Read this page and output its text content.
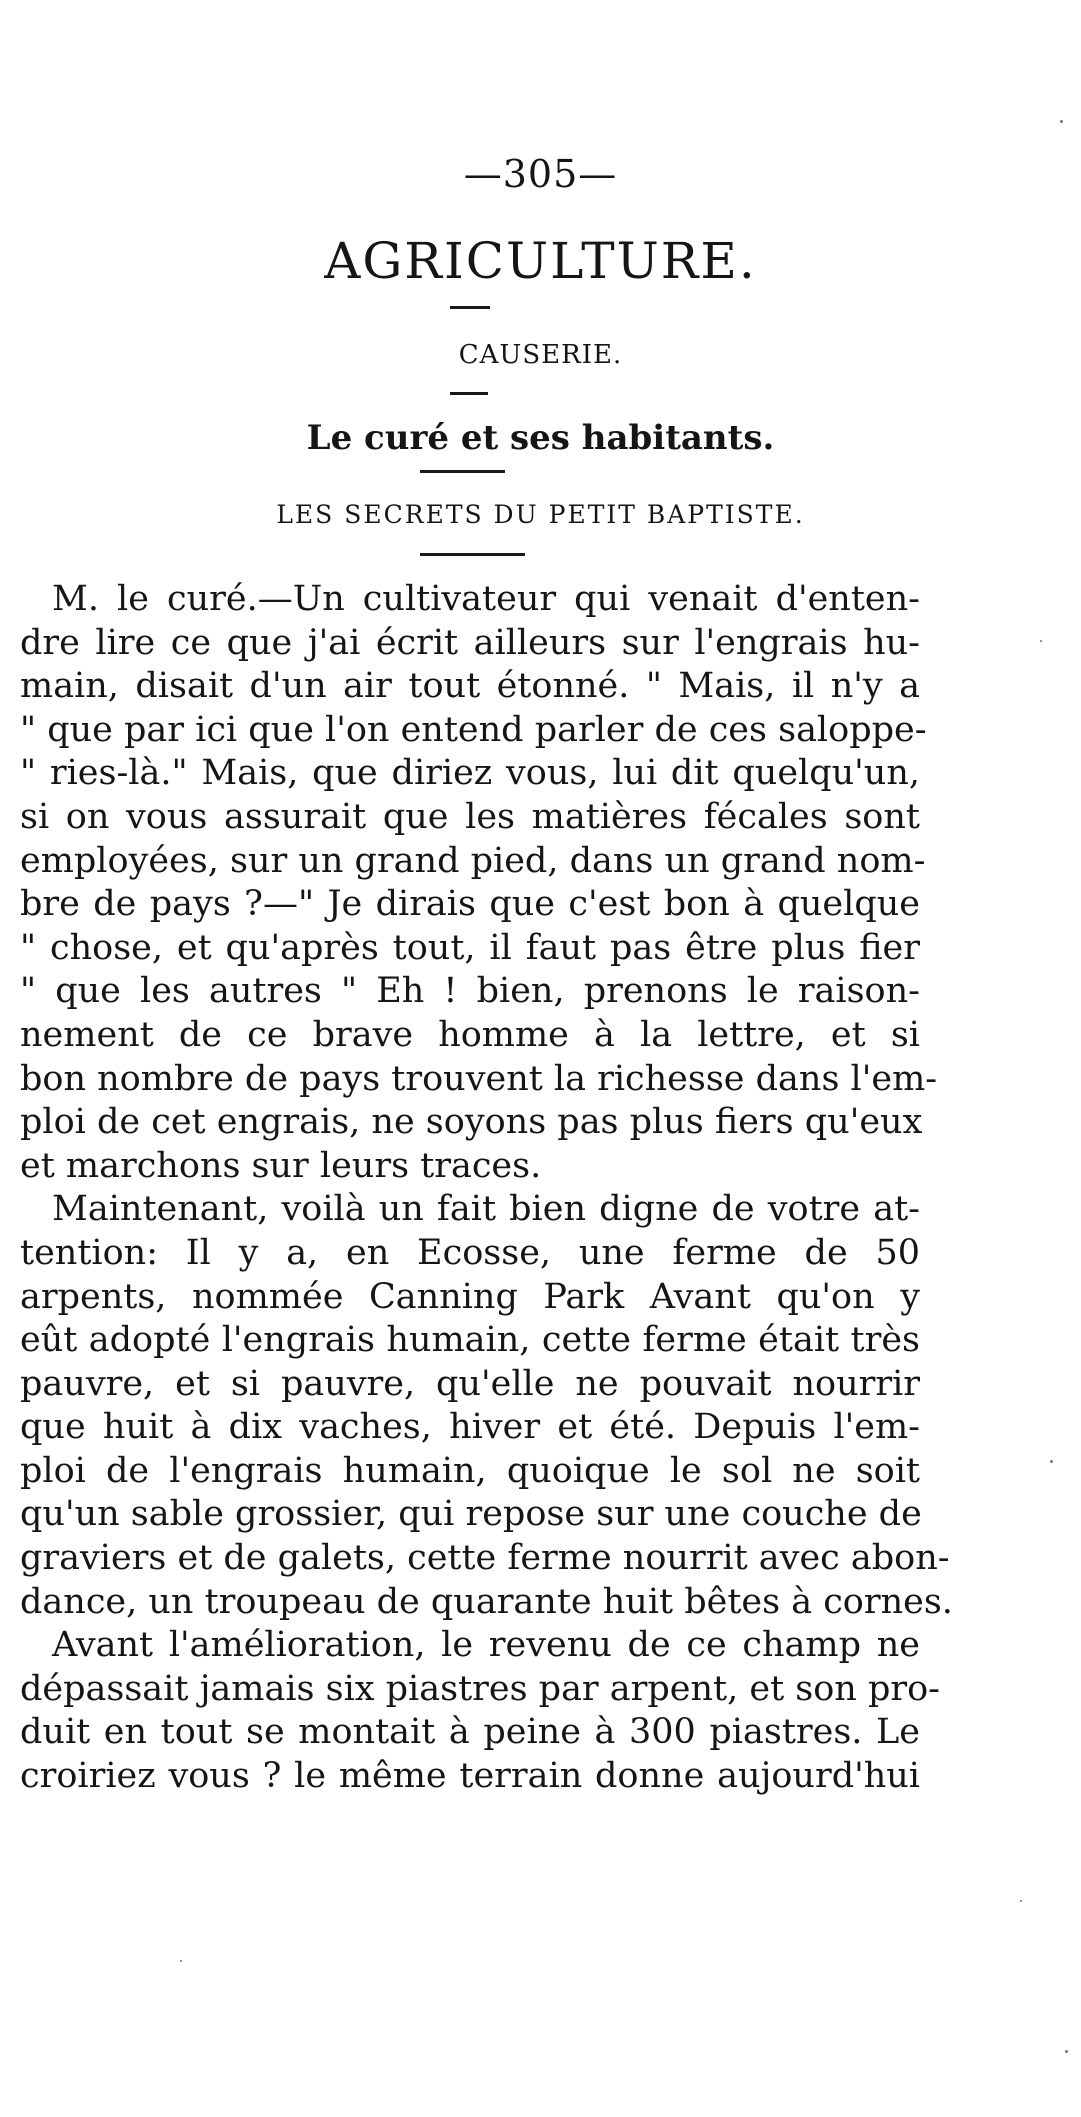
—305—
AGRICULTURE.
CAUSERIE.
Le curé et ses habitants.
LES SECRETS DU PETIT BAPTISTE.
M. le curé.—Un cultivateur qui venait d'enten-
dre lire ce que j'ai écrit ailleurs sur l'engrais hu-
main, disait d'un air tout étonné. " Mais, il n'y a
" que par ici que l'on entend parler de ces saloppe-
" ries-là." Mais, que diriez vous, lui dit quelqu'un,
si on vous assurait que les matières fécales sont
employées, sur un grand pied, dans un grand nom-
bre de pays ?—" Je dirais que c'est bon à quelque
" chose, et qu'après tout, il faut pas être plus fier
" que les autres " Eh ! bien, prenons le raison-
nement de ce brave homme à la lettre, et si
bon nombre de pays trouvent la richesse dans l'em-
ploi de cet engrais, ne soyons pas plus fiers qu'eux
et marchons sur leurs traces.
Maintenant, voilà un fait bien digne de votre at-
tention: Il y a, en Ecosse, une ferme de 50
arpents, nommée Canning Park Avant qu'on y
eût adopté l'engrais humain, cette ferme était très
pauvre, et si pauvre, qu'elle ne pouvait nourrir
que huit à dix vaches, hiver et été. Depuis l'em-
ploi de l'engrais humain, quoique le sol ne soit
qu'un sable grossier, qui repose sur une couche de
graviers et de galets, cette ferme nourrit avec abon-
dance, un troupeau de quarante huit bêtes à cornes.
Avant l'amélioration, le revenu de ce champ ne
dépassait jamais six piastres par arpent, et son pro-
duit en tout se montait à peine à 300 piastres. Le
croiriez vous ? le même terrain donne aujourd'hui
